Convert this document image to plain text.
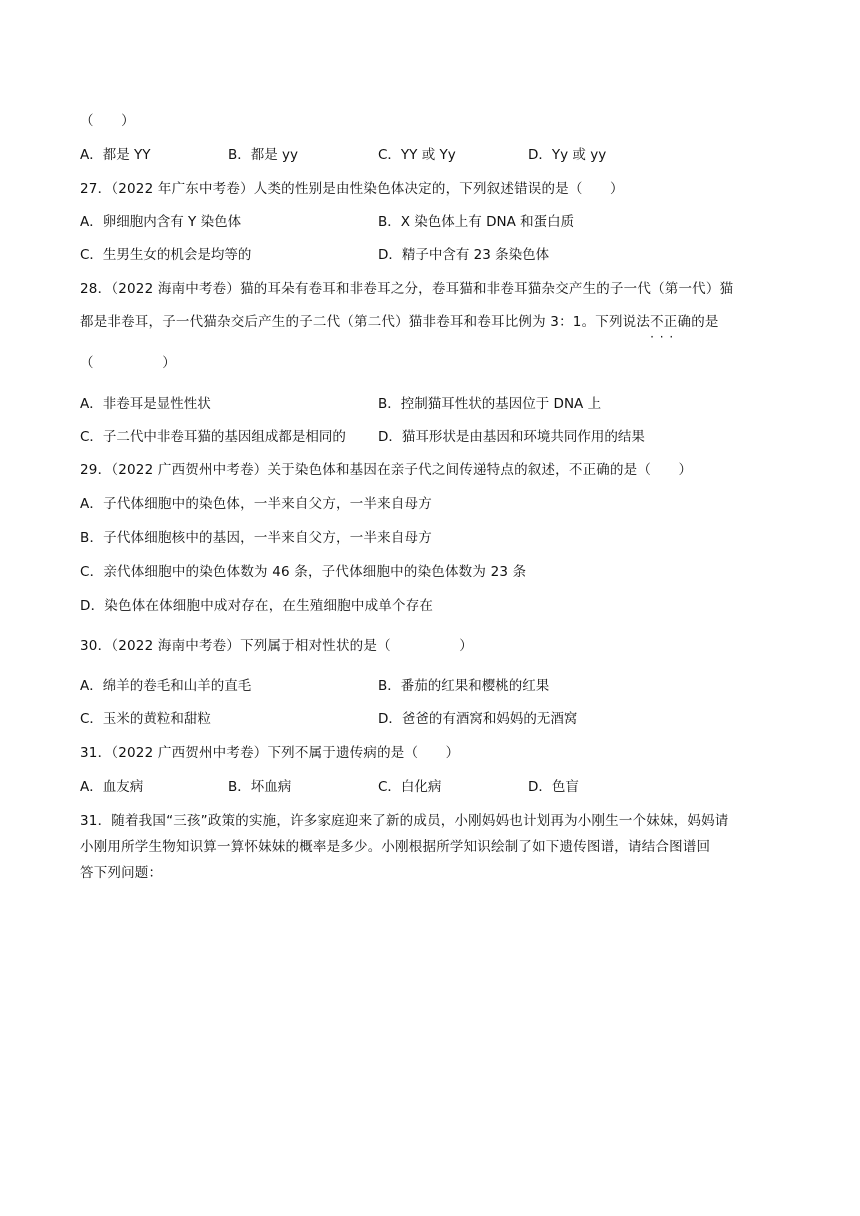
（　　）
A．都是 YY	B．都是 yy	C．YY 或 Yy	D．Yy 或 yy
27．（2022 年广东中考卷）人类的性别是由性染色体决定的，下列叙述错误的是（　　）
A．卵细胞内含有 Y 染色体	B．X 染色体上有 DNA 和蛋白质
C．生男生女的机会是均等的	D．精子中含有 23 条染色体
28．（2022 海南中考卷）猫的耳朵有卷耳和非卷耳之分，卷耳猫和非卷耳猫杂交产生的子一代（第一代）猫
都是非卷耳，子一代猫杂交后产生的子二代（第二代）猫非卷耳和卷耳比例为 3：1。下列说法不正确 · · ·的是
（　　　　　）
A．非卷耳是显性性状	B．控制猫耳性状的基因位于 DNA 上
C．子二代中非卷耳猫的基因组成都是相同的 D．猫耳形状是由基因和环境共同作用的结果
29．（2022 广西贺州中考卷）关于染色体和基因在亲子代之间传递特点的叙述，不正确的是（　　）
A．子代体细胞中的染色体，一半来自父方，一半来自母方
B．子代体细胞核中的基因，一半来自父方，一半来自母方
C．亲代体细胞中的染色体数为 46 条，子代体细胞中的染色体数为 23 条
D．染色体在体细胞中成对存在，在生殖细胞中成单个存在
30．（2022 海南中考卷）下列属于相对性状的是（　　　　　）
A．绵羊的卷毛和山羊的直毛	B．番茄的红果和樱桃的红果
C．玉米的黄粒和甜粒	D．爸爸的有酒窝和妈妈的无酒窝
31．（2022 广西贺州中考卷）下列不属于遗传病的是（　　）
A．血友病	B．坏血病	C．白化病	D．色盲
31．随着我国“三孩”政策的实施，许多家庭迎来了新的成员，小刚妈妈也计划再为小刚生一个妹妹，妈妈请
小刚用所学生物知识算一算怀妹妹的概率是多少。小刚根据所学知识绘制了如下遗传图谱，请结合图谱回
答下列问题：
